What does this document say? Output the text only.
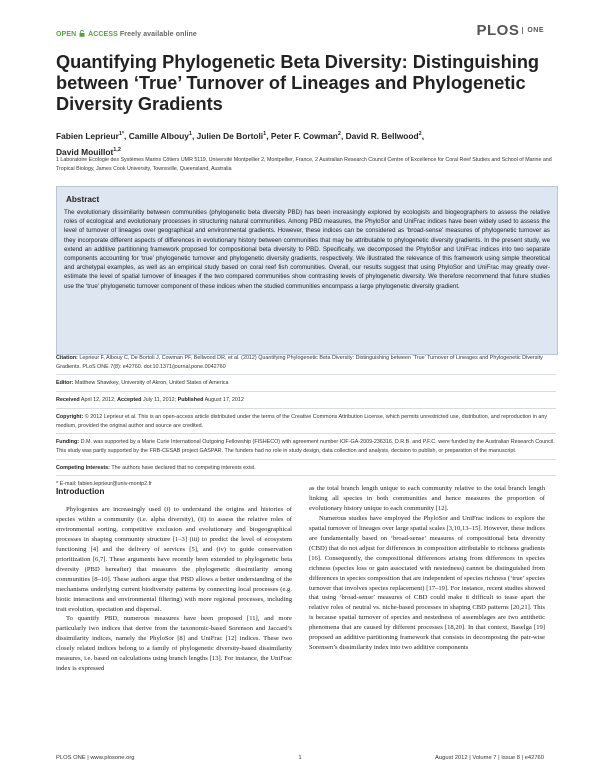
OPEN ACCESS Freely available online	PLOS $^{ONE}$
Quantifying Phylogenetic Beta Diversity: Distinguishing between ‘True’ Turnover of Lineages and Phylogenetic Diversity Gradients
Fabien Leprieur$^{1*}$, Camille Albouy$^1$, Julien De Bortoli$^1$, Peter F. Cowman$^2$, David R. Bellwood$^2$,
David Mouillot$^{1,2}$
1 Laboratoire Ecologie des Systèmes Marins Côtiers UMR 5119, Université Montpellier 2, Montpellier, France, 2 Australian Research Council Centre of Excellence for Coral Reef Studies and School of Marine and Tropical Biology, James Cook University, Townsville, Queensland, Australia
Abstract
The evolutionary dissimilarity between communities (phylogenetic beta diversity PBD) has been increasingly explored by ecologists and biogeographers to assess the relative roles of ecological and evolutionary processes in structuring natural communities. Among PBD measures, the PhyloSor and UniFrac indices have been widely used to assess the level of turnover of lineages over geographical and environmental gradients. However, these indices can be considered as ‘broad-sense’ measures of phylogenetic turnover as they incorporate different aspects of differences in evolutionary history between communities that may be attributable to phylogenetic diversity gradients. In the present study, we extend an additive partitioning framework proposed for compositional beta diversity to PBD. Specifically, we decomposed the PhyloSor and UniFrac indices into two separate components accounting for ‘true’ phylogenetic turnover and phylogenetic diversity gradients, respectively. We illustrated the relevance of this framework using simple theoretical and archetypal examples, as well as an empirical study based on coral reef fish communities. Overall, our results suggest that using PhyloSor and UniFrac may greatly over-estimate the level of spatial turnover of lineages if the two compared communities show contrasting levels of phylogenetic diversity. We therefore recommend that future studies use the ‘true’ phylogenetic turnover component of these indices when the studied communities encompass a large phylogenetic diversity gradient.

Citation: Leprieur F, Albouy C, De Bortoli J, Cowman PF, Bellwood DR, et al. (2012) Quantifying Phylogenetic Beta Diversity: Distinguishing between ‘True’ Turnover of Lineages and Phylogenetic Diversity Gradients. PLoS ONE 7(8): e42760. doi:10.1371/journal.pone.0042760

Editor: Matthew Shawkey, University of Akron, United States of America

Received April 12, 2012; Accepted July 11, 2012; Published August 17, 2012

Copyright: © 2012 Leprieur et al. This is an open-access article distributed under the terms of the Creative Commons Attribution License, which permits unrestricted use, distribution, and reproduction in any medium, provided the original author and source are credited.

Funding: D.M. was supported by a Marie Curie International Outgoing Fellowship (FISHECO) with agreement number IOF-GA-2009-236316. D.R.B. and P.F.C. were funded by the Australian Research Council. This study was partly supported by the FRB-CESAB project GASPAR. The funders had no role in study design, data collection and analysis, decision to publish, or preparation of the manuscript.

Competing Interests: The authors have declared that no competing interests exist.

* E-mail: fabien.leprieur@univ-montp2.fr

Introduction

Phylogenies are increasingly used (i) to understand the origins and histories of species within a community (i.e. alpha diversity), (ii) to assess the relative roles of environmental sorting, competitive exclusion and evolutionary and biogeographical processes in shaping community structure [1–3] (iii) to predict the level of ecosystem functioning [4] and the delivery of services [5], and (iv) to guide conservation prioritization [6,7]. These arguments have recently been extended to phylogenetic beta diversity (PBD hereafter) that measures the phylogenetic dissimilarity among communities [8–10]. These authors argue that PBD allows a better understanding of the mechanisms underlying current biodiversity patterns by connecting local processes (e.g. biotic interactions and environmental filtering) with more regional processes, including trait evolution, speciation and dispersal.

To quantify PBD, numerous measures have been proposed [11], and more particularly two indices that derive from the taxonomic-based Sorenson and Jaccard’s dissimilarity indices, namely the PhyloSor [8] and UniFrac [12] indices. These two closely related indices belong to a family of phylogenetic diversity-based dissimilarity measures, i.e. based on calculations using branch lengths [13]. For instance, the UniFrac index is expressed

as the total branch length unique to each community relative to the total branch length linking all species in both communities and hence measures the proportion of evolutionary history unique to each community [12].

Numerous studies have employed the PhyloSor and UniFrac indices to explore the spatial turnover of lineages over large spatial scales [3,10,13–15]. However, these indices are fundamentally based on ‘broad-sense’ measures of compositional beta diversity (CBD) that do not adjust for differences in composition attributable to richness gradients [16]. Consequently, the compositional differences arising from differences in species richness (species loss or gain associated with nestedness) cannot be distinguished from differences in species composition that are independent of species richness (‘true’ species turnover that involves species replacement) [17–19]. For instance, recent studies showed that using ‘broad-sense’ measures of CBD could make it difficult to tease apart the relative roles of neutral vs. niche-based processes in shaping CBD patterns [20,21]. This is because spatial turnover of species and nestedness of assemblages are two antithetic phenomena that are caused by different processes [18,20]. In that context, Baselga [19] proposed an additive partitioning framework that consists in decomposing the pair-wise Sorensen’s dissimilarity index into two additive components

PLOS ONE | www.plosone.org	1	August 2012 | Volume 7 | Issue 8 | e42760
